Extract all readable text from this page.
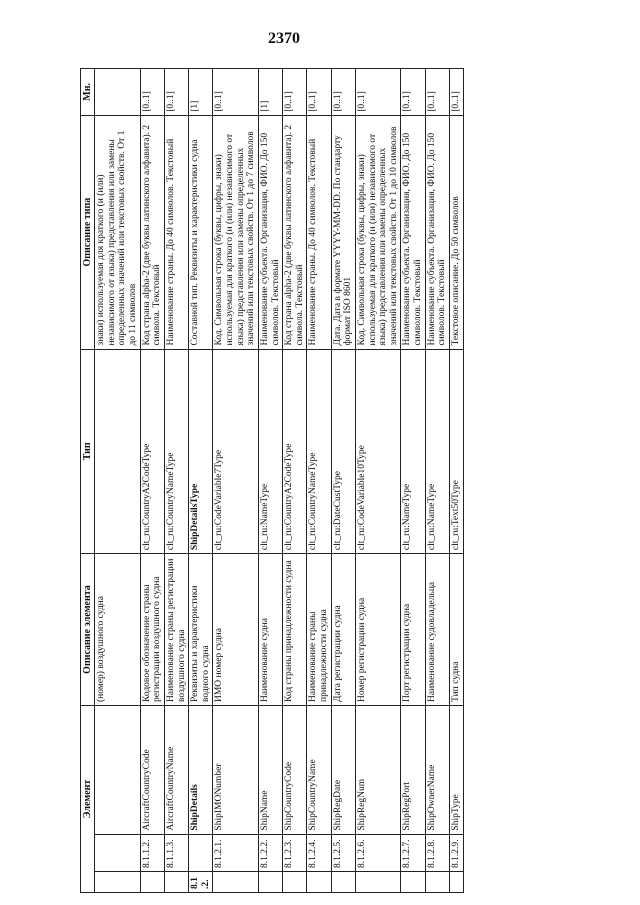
2370
Элемент			Описание элемента	Тип	Описание типа	Мн.
			(номер) воздушного судна		знаки) используемая для краткого (и (или) независимого от языка) представления или замены определенных значений или текстовых свойств. От 1 до 11 символов	
	8.1.1.2.	AircraftCountryCode	Кодовое обозначение страны регистрации воздушного судна	clt_ru:CountryA2CodeType	Код страна alpha-2 (две буквы латинского алфавита). 2 символа. Текстовый	[0..1]
	8.1.1.3.	AircraftCountryName	Наименование страны регистрации воздушного судна	clt_ru:CountryNameType	Наименование страны. До 40 символов. Текстовый	[0..1]
8.1.2.		ShipDetails	Реквизиты и характеристики водного судна	ShipDetailsType	Составной тип. Реквизиты и характеристики судна	[1]
	8.1.2.1.	ShipIMONumber	ИМО номер судна	clt_ru:CodeVariable7Type	Код. Символьная строка (буквы, цифры, знаки) используемая для краткого (и (или) независимого от языка) представления или замены определенных значений или текстовых свойств. От 1 до 7 символов	[0..1]
	8.1.2.2.	ShipName	Наименование судна	clt_ru:NameType	Наименование субъекта. Организация, ФИО. До 150 символов. Текстовый	[1]
	8.1.2.3.	ShipCountryCode	Код страны принадлежности судна	clt_ru:CountryA2CodeType	Код страна alpha-2 (две буквы латинского алфавита). 2 символа. Текстовый	[0..1]
	8.1.2.4.	ShipCountryName	Наименование страны принадлежности судна	clt_ru:CountryNameType	Наименование страны. До 40 символов. Текстовый	[0..1]
	8.1.2.5.	ShipRegDate	Дата регистрации судна	clt_ru:DateCustType	Дата. Дата в формате YYYY-MM-DD. По стандарту формат ISO 8601	[0..1]
	8.1.2.6.	ShipRegNum	Номер регистрации судна	clt_ru:CodeVariable10Type	Код. Символьная строка (буквы, цифры, знаки) используемая для краткого (и (или) независимого от языка) представления или замены определенных значений или текстовых свойств. От 1 до 10 символов	[0..1]
	8.1.2.7.	ShipRegPort	Порт регистрации судна	clt_ru:NameType	Наименование субъекта. Организация, ФИО. До 150 символов. Текстовый	[0..1]
	8.1.2.8.	ShipOwnerName	Наименование судовладельца	clt_ru:NameType	Наименование субъекта. Организация, ФИО. До 150 символов. Текстовый	[0..1]
	8.1.2.9.	ShipType	Тип судна	clt_ru:Text50Type	Текстовое описание. До 50 символов	[0..1]
